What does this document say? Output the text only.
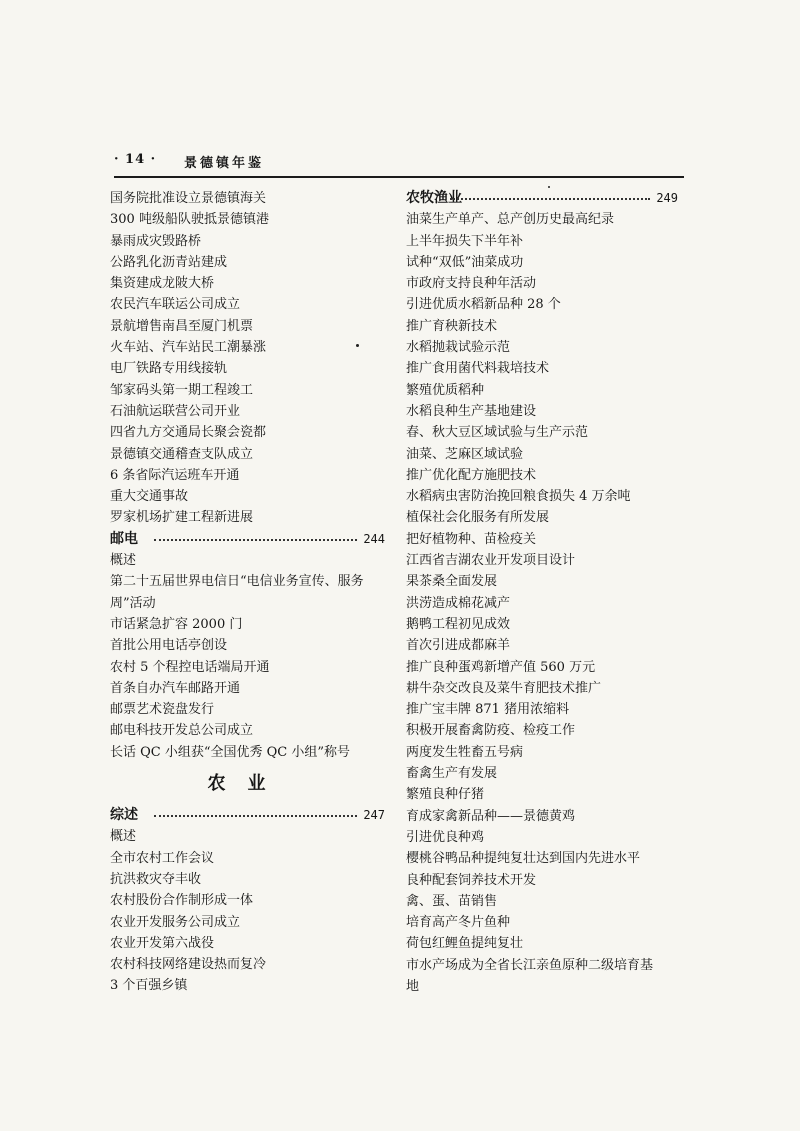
· 14 · 景德镇年鉴
国务院批准设立景德镇海关
300 吨级船队驶抵景德镇港
暴雨成灾毁路桥
公路乳化沥青站建成
集资建成龙陂大桥
农民汽车联运公司成立
景航增售南昌至厦门机票
火车站、汽车站民工潮暴涨
电厂铁路专用线接轨
邹家码头第一期工程竣工
石油航运联营公司开业
四省九方交通局长聚会瓷都
景德镇交通稽查支队成立
6 条省际汽运班车开通
重大交通事故
罗家机场扩建工程新进展
邮电	244
概述
第二十五届世界电信日“电信业务宣传、服务
周”活动
市话紧急扩容 2000 门
首批公用电话亭创设
农村 5 个程控电话端局开通
首条自办汽车邮路开通
邮票艺术瓷盘发行
邮电科技开发总公司成立
长话 QC 小组获“全国优秀 QC 小组”称号
农业
综述	247
概述
全市农村工作会议
抗洪救灾夺丰收
农村股份合作制形成一体
农业开发服务公司成立
农业开发第六战役
农村科技网络建设热而复冷
3 个百强乡镇
农牧渔业	249
油菜生产单产、总产创历史最高纪录
上半年损失下半年补
试种“双低”油菜成功
市政府支持良种年活动
引进优质水稻新品种 28 个
推广育秧新技术
水稻抛栽试验示范
推广食用菌代料栽培技术
繁殖优质稻种
水稻良种生产基地建设
春、秋大豆区域试验与生产示范
油菜、芝麻区域试验
推广优化配方施肥技术
水稻病虫害防治挽回粮食损失 4 万余吨
植保社会化服务有所发展
把好植物种、苗检疫关
江西省吉湖农业开发项目设计
果茶桑全面发展
洪涝造成棉花减产
鹅鸭工程初见成效
首次引进成都麻羊
推广良种蛋鸡新增产值 560 万元
耕牛杂交改良及菜牛育肥技术推广
推广宝丰牌 871 猪用浓缩料
积极开展畜禽防疫、检疫工作
两度发生牲畜五号病
畜禽生产有发展
繁殖良种仔猪
育成家禽新品种——景德黄鸡
引进优良种鸡
樱桃谷鸭品种提纯复壮达到国内先进水平
良种配套饲养技术开发
禽、蛋、苗销售
培育高产冬片鱼种
荷包红鲤鱼提纯复壮
市水产场成为全省长江亲鱼原种二级培育基
地
